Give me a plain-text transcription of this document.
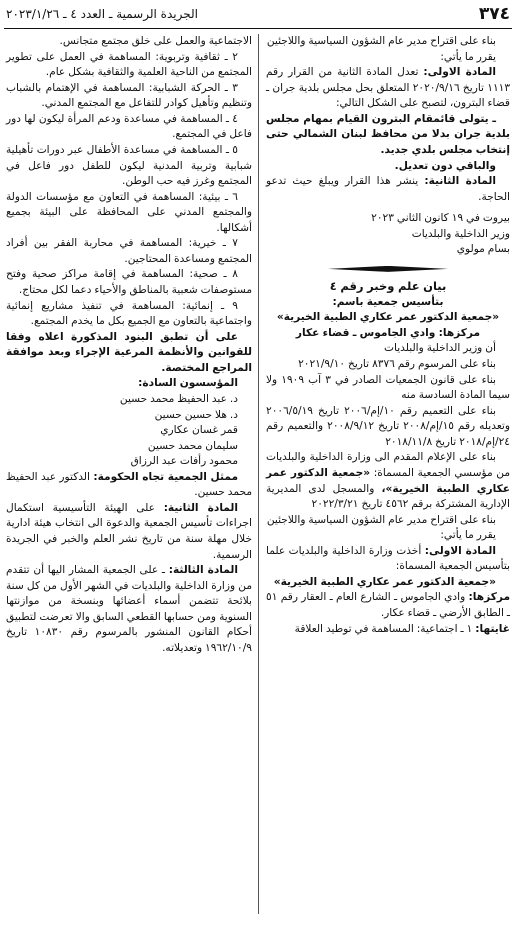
٣٧٤
الجريدة الرسمية ـ العدد ٤ ـ ٢٠٢٣/١/٢٦

بناء على اقتراح مدير عام الشؤون السياسية واللاجئين

يقرر ما يأتي:

المادة الاولى: تعدل المادة الثانية من القرار رقم ١١١٣ تاريخ ٢٠٢٠/٩/١٦ المتعلق بحل مجلس بلدية جران ـ قضاء البترون، لتصبح على الشكل التالي:

ـ يتولى قائمقام البترون القيام بمهام مجلس بلدية جران بدلا من محافظ لبنان الشمالي حتى إنتخاب مجلس بلدي جديد.

والباقي دون تعديل.

المادة الثانية: ينشر هذا القرار ويبلغ حيث تدعو الحاجة.

بيروت في ١٩ كانون الثاني ٢٠٢٣

وزير الداخلية والبلديات

بسام مولوي

بيان علم وخبر رقم ٤

بتأسيس جمعية باسم:

«جمعية الدكتور عمر عكاري الطبية الخيرية»

مركزها: وادي الجاموس ـ قضاء عكار

أن وزير الداخلية والبلديات

بناء على المرسوم رقم ٨٣٧٦ تاريخ ٢٠٢١/٩/١٠

بناء على قانون الجمعيات الصادر في ٣ آب ١٩٠٩ ولا سيما المادة السادسة منه

بناء على التعميم رقم ١٠/إم/٢٠٠٦ تاريخ ٢٠٠٦/٥/١٩ وتعديله رقم ١٥/إم/٢٠٠٨ تاريخ ٢٠٠٨/٩/١٢ والتعميم رقم ٢٤/إم/٢٠١٨ تاريخ ٢٠١٨/١١/٨

بناء على الإعلام المقدم الى وزارة الداخلية والبلديات من مؤسسي الجمعية المسماة: «جمعية الدكتور عمر عكاري الطبية الخيرية»، والمسجل لدى المديرية الإدارية المشتركة برقم ٤٥٦٢ تاريخ ٢٠٢٢/٣/٢١

بناء على اقتراح مدير عام الشؤون السياسية واللاجئين

يقرر ما يأتي:

المادة الاولى: أخذت وزارة الداخلية والبلديات علما بتأسيس الجمعية المسماة:

«جمعية الدكتور عمر عكاري الطبية الخيرية»

مركزها: وادي الجاموس ـ الشارع العام ـ العقار رقم ٥١ ـ الطابق الأرضي ـ قضاء عكار.

غايتها: ١ ـ اجتماعية: المساهمة في توطيد العلاقة

الاجتماعية والعمل على خلق مجتمع متجانس.

٢ ـ ثقافية وتربوية: المساهمة في العمل على تطوير المجتمع من الناحية العلمية والثقافية بشكل عام.

٣ ـ الحركة الشبابية: المساهمة في الإهتمام بالشباب وتنظيم وتأهيل كوادر للتفاعل مع المجتمع المدني.

٤ ـ المساهمة في مساعدة ودعم المرأة ليكون لها دور فاعل في المجتمع.

٥ ـ المساهمة في مساعدة الأطفال عبر دورات تأهيلية شبابية وتربية المدنية ليكون للطفل دور فاعل في المجتمع وغرز فيه حب الوطن.

٦ ـ بيئية: المساهمة في التعاون مع مؤسسات الدولة والمجتمع المدني على المحافظة على البيئة بجميع أشكالها.

٧ ـ خيرية: المساهمة في محاربة الفقر بين أفراد المجتمع ومساعدة المحتاجين.

٨ ـ صحية: المساهمة في إقامة مراكز صحية وفتح مستوصفات شعبية بالمناطق والأحياء دعما لكل محتاج.

٩ ـ إنمائية: المساهمة في تنفيذ مشاريع إنمائية واجتماعية بالتعاون مع الجميع بكل ما يخدم المجتمع.

على أن تطبق البنود المذكورة اعلاه وفقا للقوانين والأنظمة المرعية الإجراء وبعد موافقة المراجع المختصة.

المؤسسون السادة:

د. عبد الحفيظ محمد حسين

د. هلا حسين حسين

قمر غسان عكاري

سليمان محمد حسين

محمود رأفات عبد الرزاق

ممثل الجمعية تجاه الحكومة: الدكتور عبد الحفيظ محمد حسين.

المادة الثانية: على الهيئة التأسيسية استكمال اجراءات تأسيس الجمعية والدعوة الى انتخاب هيئة ادارية خلال مهلة سنة من تاريخ نشر العلم والخبر في الجريدة الرسمية.

المادة الثالثة: ـ على الجمعية المشار اليها أن تتقدم من وزارة الداخلية والبلديات في الشهر الأول من كل سنة بلائحة تتضمن أسماء أعضائها وبنسخة من موازنتها السنوية ومن حسابها القطعي السابق والا تعرضت لتطبيق أحكام القانون المنشور بالمرسوم رقم ١٠٨٣٠ تاريخ ١٩٦٢/١٠/٩ وتعديلاته.
